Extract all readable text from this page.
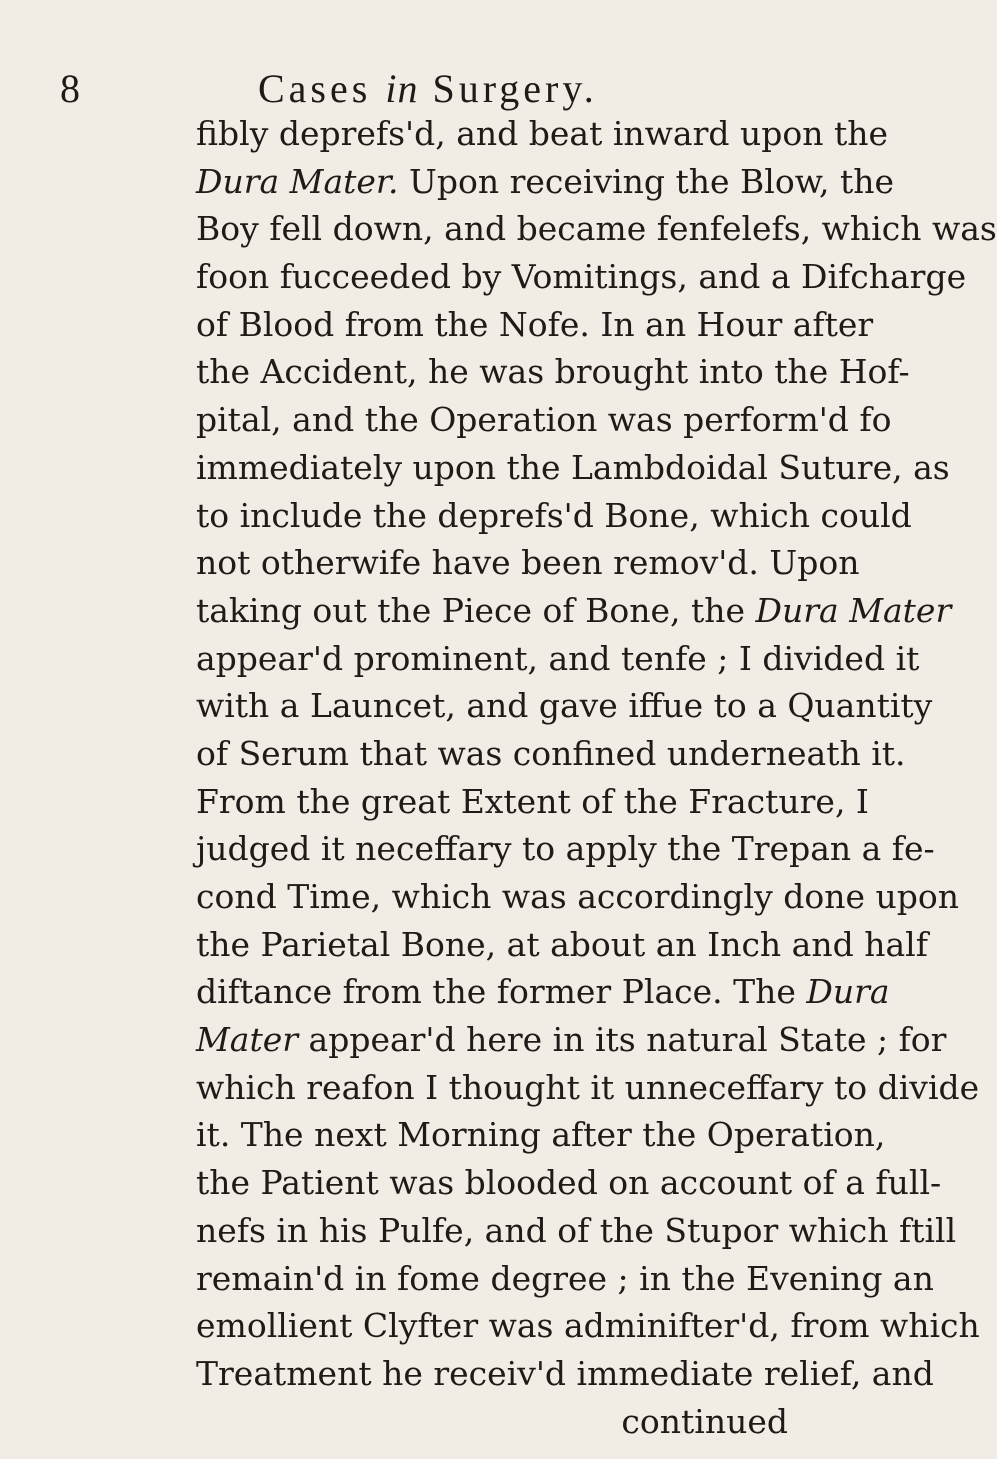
8	Cases in Surgery.
fibly deprefs'd, and beat inward upon the
Dura Mater. Upon receiving the Blow, the
Boy fell down, and became fenfelefs, which was
foon fucceeded by Vomitings, and a Difcharge
of Blood from the Nofe. In an Hour after
the Accident, he was brought into the Hof-
pital, and the Operation was perform'd fo
immediately upon the Lambdoidal Suture, as
to include the deprefs'd Bone, which could
not otherwife have been remov'd. Upon
taking out the Piece of Bone, the Dura Mater
appear'd prominent, and tenfe ; I divided it
with a Launcet, and gave iffue to a Quantity
of Serum that was confined underneath it.
From the great Extent of the Fracture, I
judged it neceffary to apply the Trepan a fe-
cond Time, which was accordingly done upon
the Parietal Bone, at about an Inch and half
diftance from the former Place. The Dura
Mater appear'd here in its natural State ; for
which reafon I thought it unneceffary to divide
it. The next Morning after the Operation,
the Patient was blooded on account of a full-
nefs in his Pulfe, and of the Stupor which ftill
remain'd in fome degree ; in the Evening an
emollient Clyfter was adminifter'd, from which
Treatment he receiv'd immediate relief, and
continued
